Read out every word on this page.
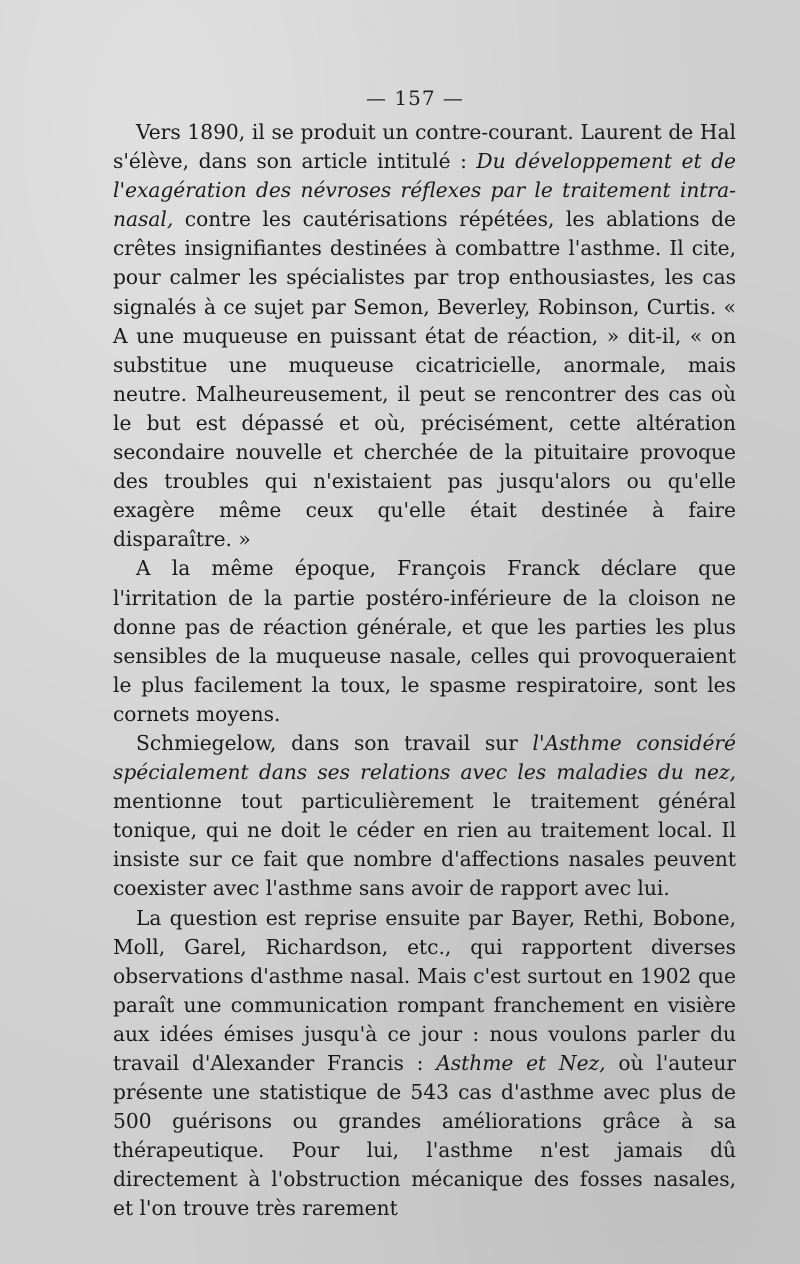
— 157 —

Vers 1890, il se produit un contre-courant. Laurent de Hal s'élève, dans son article intitulé : Du développement et de l'exagération des névroses réflexes par le traitement intra-nasal, contre les cautérisations répétées, les ablations de crêtes insignifiantes destinées à combattre l'asthme. Il cite, pour calmer les spécialistes par trop enthousiastes, les cas signalés à ce sujet par Semon, Beverley, Robinson, Curtis. « A une muqueuse en puissant état de réaction, » dit-il, « on substitue une muqueuse cicatricielle, anormale, mais neutre. Malheureusement, il peut se rencontrer des cas où le but est dépassé et où, précisément, cette altération secondaire nouvelle et cherchée de la pituitaire provoque des troubles qui n'existaient pas jusqu'alors ou qu'elle exagère même ceux qu'elle était destinée à faire disparaître. »

A la même époque, François Franck déclare que l'irritation de la partie postéro-inférieure de la cloison ne donne pas de réaction générale, et que les parties les plus sensibles de la muqueuse nasale, celles qui provoqueraient le plus facilement la toux, le spasme respiratoire, sont les cornets moyens.

Schmiegelow, dans son travail sur l'Asthme considéré spécialement dans ses relations avec les maladies du nez, mentionne tout particulièrement le traitement général tonique, qui ne doit le céder en rien au traitement local. Il insiste sur ce fait que nombre d'affections nasales peuvent coexister avec l'asthme sans avoir de rapport avec lui.

La question est reprise ensuite par Bayer, Rethi, Bobone, Moll, Garel, Richardson, etc., qui rapportent diverses observations d'asthme nasal. Mais c'est surtout en 1902 que paraît une communication rompant franchement en visière aux idées émises jusqu'à ce jour : nous voulons parler du travail d'Alexander Francis : Asthme et Nez, où l'auteur présente une statistique de 543 cas d'asthme avec plus de 500 guérisons ou grandes améliorations grâce à sa thérapeutique. Pour lui, l'asthme n'est jamais dû directement à l'obstruction mécanique des fosses nasales, et l'on trouve très rarement
